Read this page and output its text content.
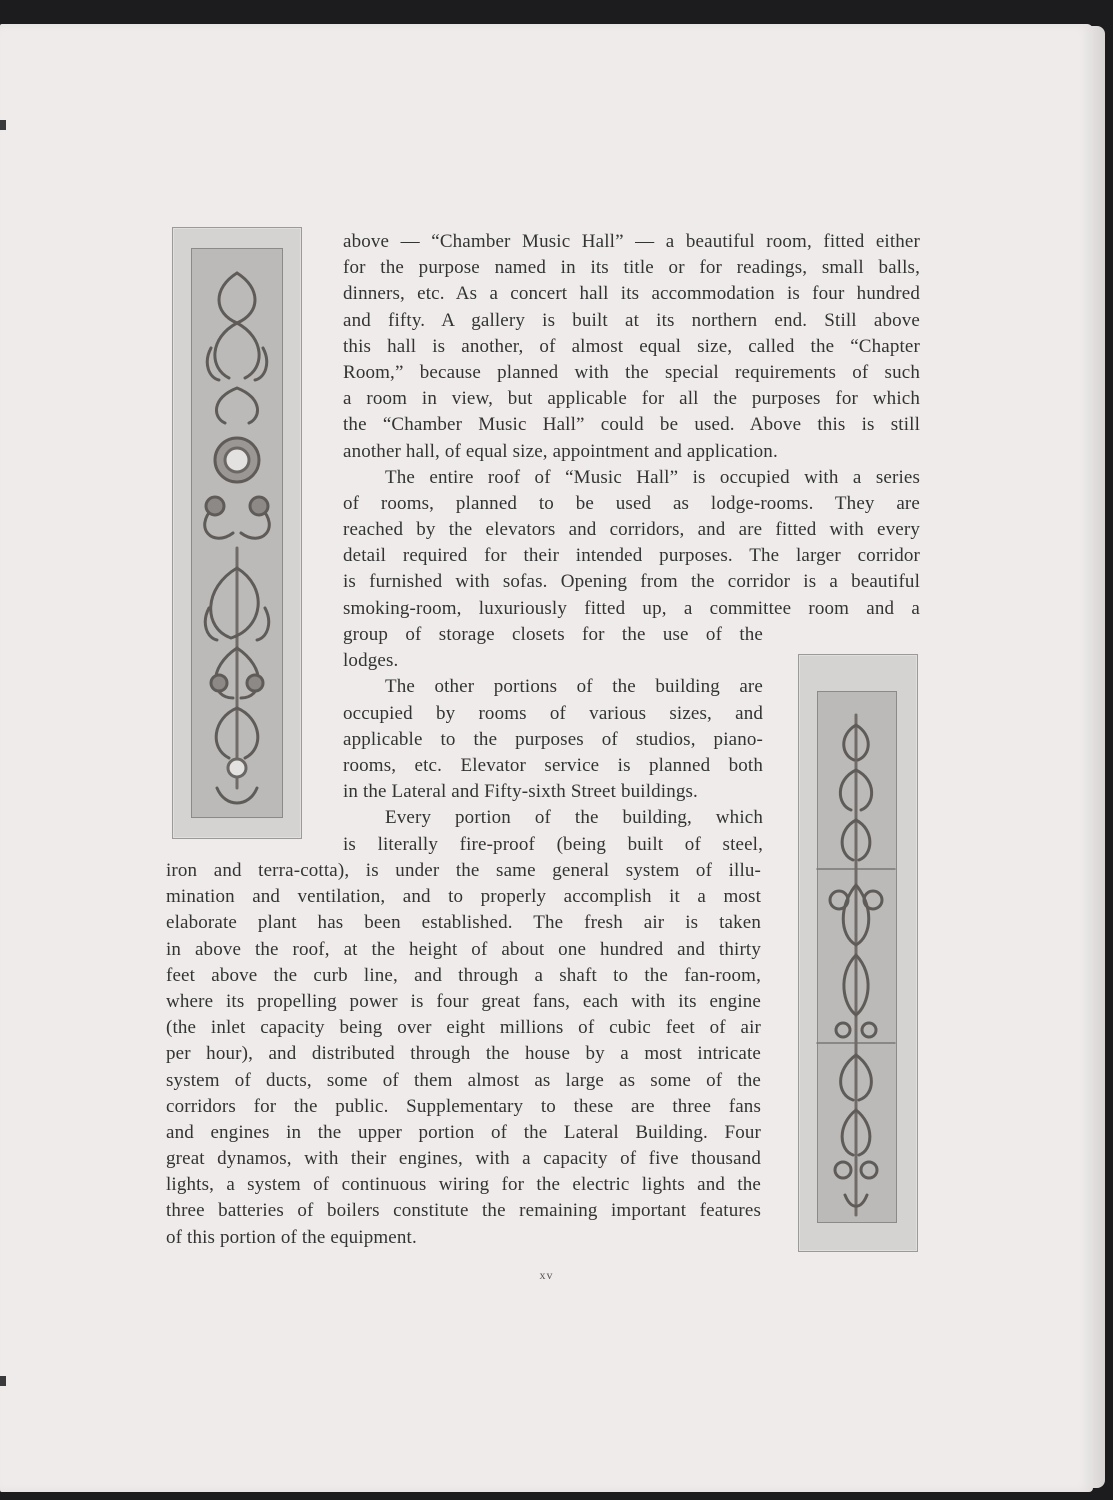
above — “Chamber Music Hall” — a beautiful room, fitted either
for the purpose named in its title or for readings, small balls,
dinners, etc. As a concert hall its accommodation is four hundred
and fifty. A gallery is built at its northern end. Still above
this hall is another, of almost equal size, called the “Chapter
Room,” because planned with the special requirements of such
a room in view, but applicable for all the purposes for which
the “Chamber Music Hall” could be used. Above this is still
another hall, of equal size, appointment and application.
The entire roof of “Music Hall” is occupied with a series
of rooms, planned to be used as lodge-rooms. They are
reached by the elevators and corridors, and are fitted with every
detail required for their intended purposes. The larger corridor
is furnished with sofas. Opening from the corridor is a beautiful
smoking-room, luxuriously fitted up, a committee room and a
group of storage closets for the use of the
lodges.
The other portions of the building are
occupied by rooms of various sizes, and
applicable to the purposes of studios, piano-
rooms, etc. Elevator service is planned both
in the Lateral and Fifty-sixth Street buildings.
Every portion of the building, which
is literally fire-proof (being built of steel,
iron and terra-cotta), is under the same general system of illu-
mination and ventilation, and to properly accomplish it a most
elaborate plant has been established. The fresh air is taken
in above the roof, at the height of about one hundred and thirty
feet above the curb line, and through a shaft to the fan-room,
where its propelling power is four great fans, each with its engine
(the inlet capacity being over eight millions of cubic feet of air
per hour), and distributed through the house by a most intricate
system of ducts, some of them almost as large as some of the
corridors for the public. Supplementary to these are three fans
and engines in the upper portion of the Lateral Building. Four
great dynamos, with their engines, with a capacity of five thousand
lights, a system of continuous wiring for the electric lights and the
three batteries of boilers constitute the remaining important features
of this portion of the equipment.
xv
